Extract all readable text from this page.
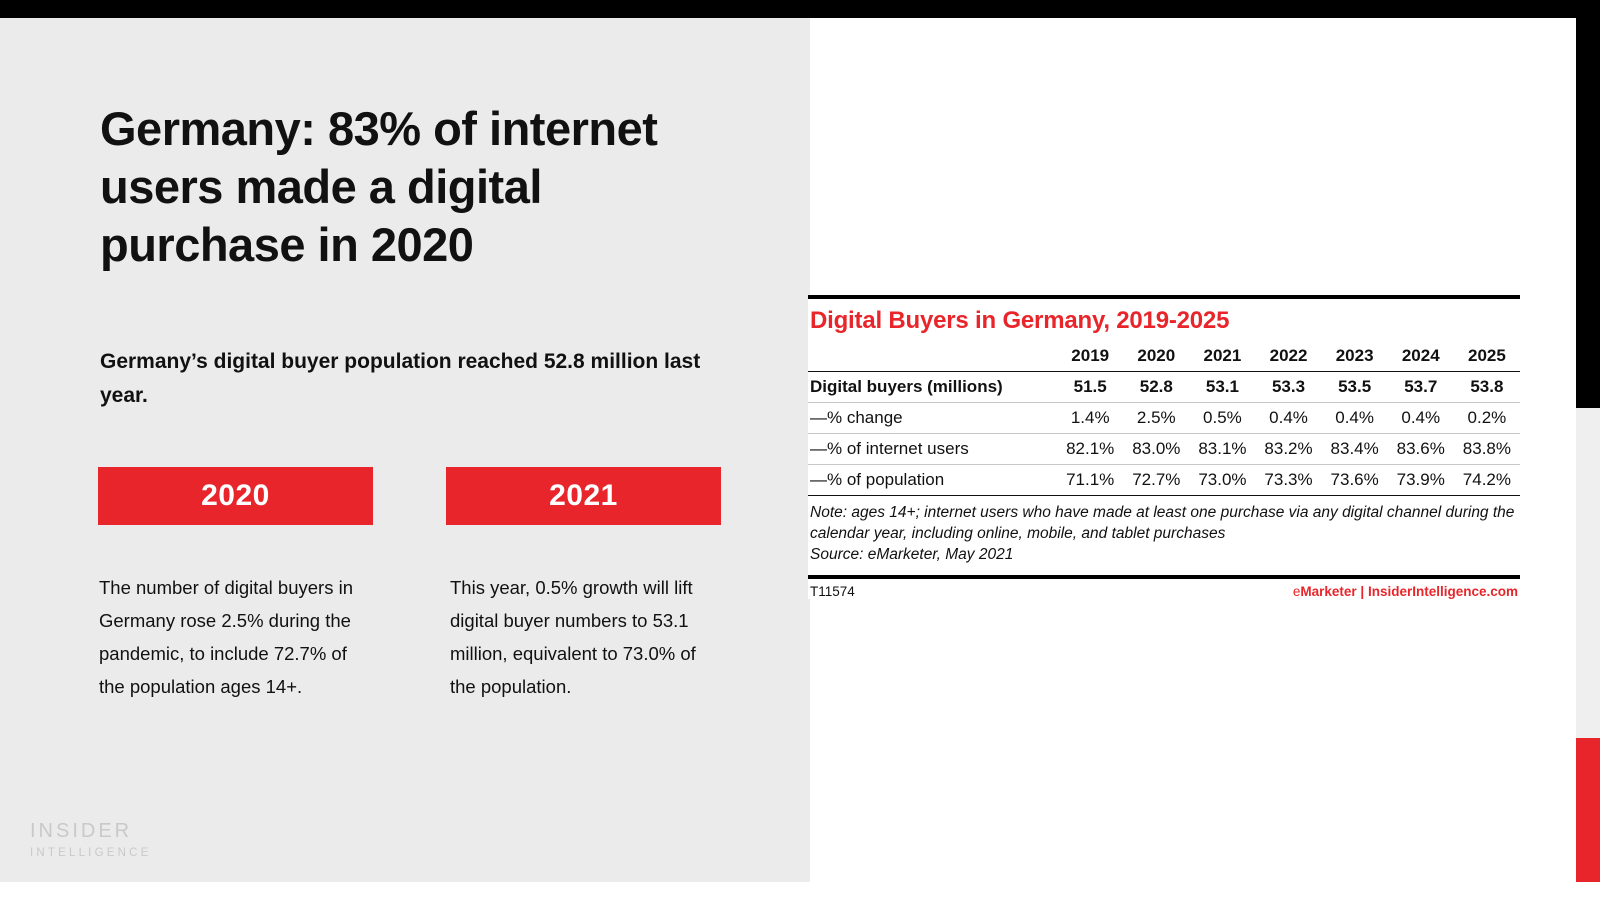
Germany: 83% of internet users made a digital purchase in 2020
Germany’s digital buyer population reached 52.8 million last year.
2020	2021
The number of digital buyers in Germany rose 2.5% during the pandemic, to include 72.7% of the population ages 14+.
This year, 0.5% growth will lift digital buyer numbers to 53.1 million, equivalent to 73.0% of the population.
INSIDER
INTELLIGENCE
Digital Buyers in Germany, 2019-2025
	2019	2020	2021	2022	2023	2024	2025
Digital buyers (millions)	51.5	52.8	53.1	53.3	53.5	53.7	53.8
—% change	1.4%	2.5%	0.5%	0.4%	0.4%	0.4%	0.2%
—% of internet users	82.1%	83.0%	83.1%	83.2%	83.4%	83.6%	83.8%
—% of population	71.1%	72.7%	73.0%	73.3%	73.6%	73.9%	74.2%
Note: ages 14+; internet users who have made at least one purchase via any digital channel during the calendar year, including online, mobile, and tablet purchases
Source: eMarketer, May 2021
T11574	eMarketer | InsiderIntelligence.com
